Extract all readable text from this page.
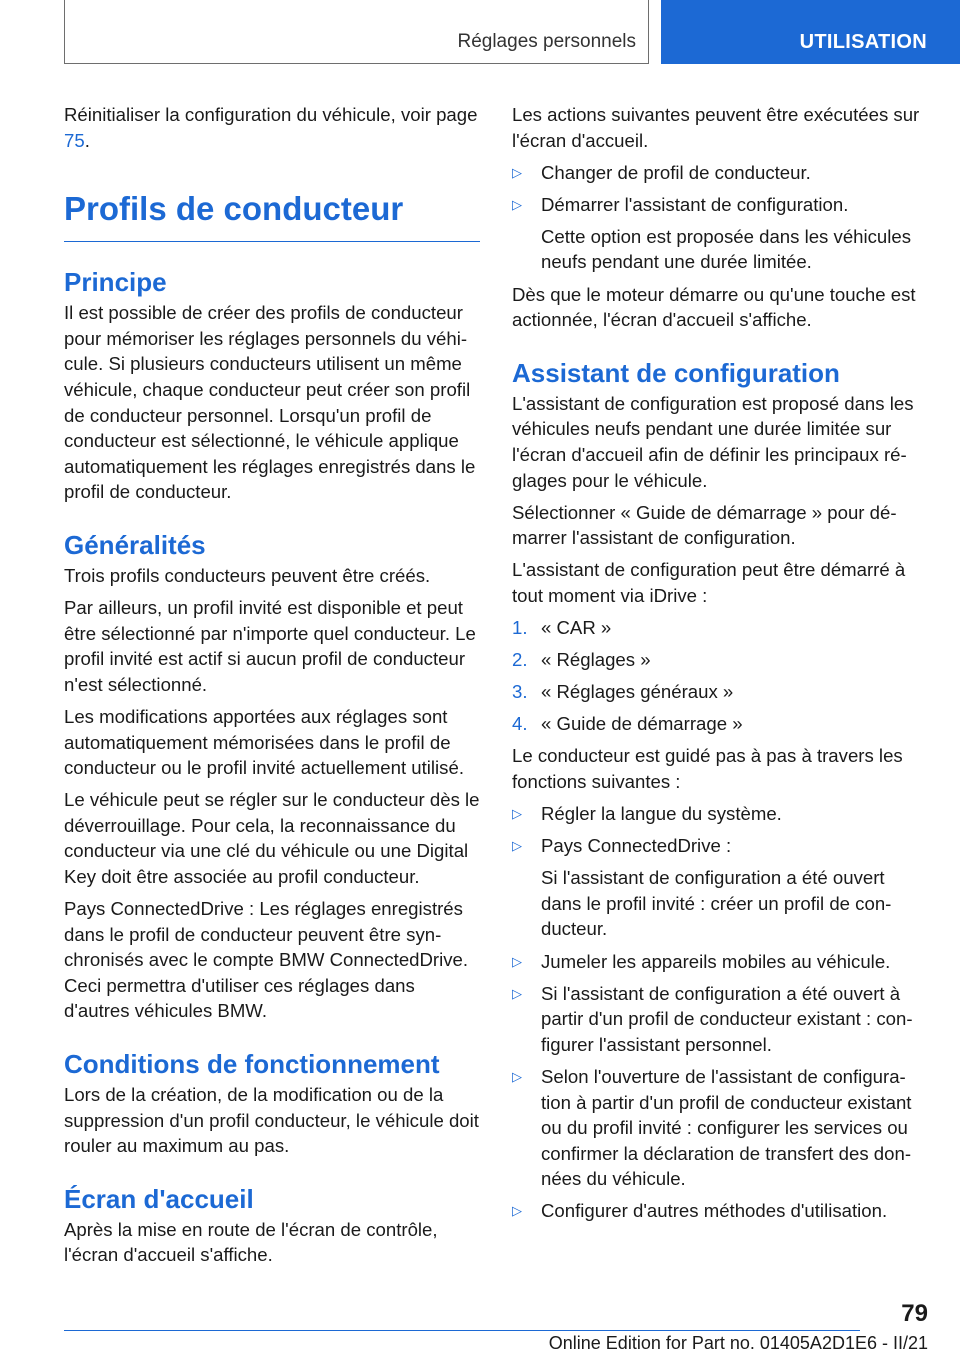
Réglages personnels	UTILISATION

Réinitialiser la configuration du véhicule, voir page 75.

Profils de conducteur
Principe

Il est possible de créer des profils de conducteur pour mémoriser les réglages personnels du véhicule. Si plusieurs conducteurs utilisent un même véhicule, chaque conducteur peut créer son profil de conducteur personnel. Lorsqu'un profil de conducteur est sélectionné, le véhicule applique automatiquement les réglages enregistrés dans le profil de conducteur.

Généralités

Trois profils conducteurs peuvent être créés.

Par ailleurs, un profil invité est disponible et peut être sélectionné par n'importe quel conducteur. Le profil invité est actif si aucun profil de conducteur n'est sélectionné.

Les modifications apportées aux réglages sont automatiquement mémorisées dans le profil de conducteur ou le profil invité actuellement utilisé.

Le véhicule peut se régler sur le conducteur dès le déverrouillage. Pour cela, la reconnaissance du conducteur via une clé du véhicule ou une Digital Key doit être associée au profil conducteur.

Pays ConnectedDrive : Les réglages enregistrés dans le profil de conducteur peuvent être synchronisés avec le compte BMW ConnectedDrive. Ceci permettra d'utiliser ces réglages dans d'autres véhicules BMW.

Conditions de fonctionnement

Lors de la création, de la modification ou de la suppression d'un profil conducteur, le véhicule doit rouler au maximum au pas.

Écran d'accueil

Après la mise en route de l'écran de contrôle, l'écran d'accueil s'affiche.

Les actions suivantes peuvent être exécutées sur l'écran d'accueil.

▷ Changer de profil de conducteur.
▷ Démarrer l'assistant de configuration.
Cette option est proposée dans les véhicules neufs pendant une durée limitée.

Dès que le moteur démarre ou qu'une touche est actionnée, l'écran d'accueil s'affiche.

Assistant de configuration

L'assistant de configuration est proposé dans les véhicules neufs pendant une durée limitée sur l'écran d'accueil afin de définir les principaux réglages pour le véhicule.

Sélectionner « Guide de démarrage » pour démarrer l'assistant de configuration.

L'assistant de configuration peut être démarré à tout moment via iDrive :

1. « CAR »
2. « Réglages »
3. « Réglages généraux »
4. « Guide de démarrage »

Le conducteur est guidé pas à pas à travers les fonctions suivantes :

▷ Régler la langue du système.
▷ Pays ConnectedDrive :
Si l'assistant de configuration a été ouvert dans le profil invité : créer un profil de conducteur.
▷ Jumeler les appareils mobiles au véhicule.
▷ Si l'assistant de configuration a été ouvert à partir d'un profil de conducteur existant : configurer l'assistant personnel.
▷ Selon l'ouverture de l'assistant de configuration à partir d'un profil de conducteur existant ou du profil invité : configurer les services ou confirmer la déclaration de transfert des données du véhicule.
▷ Configurer d'autres méthodes d'utilisation.
79
Online Edition for Part no. 01405A2D1E6 - II/21
